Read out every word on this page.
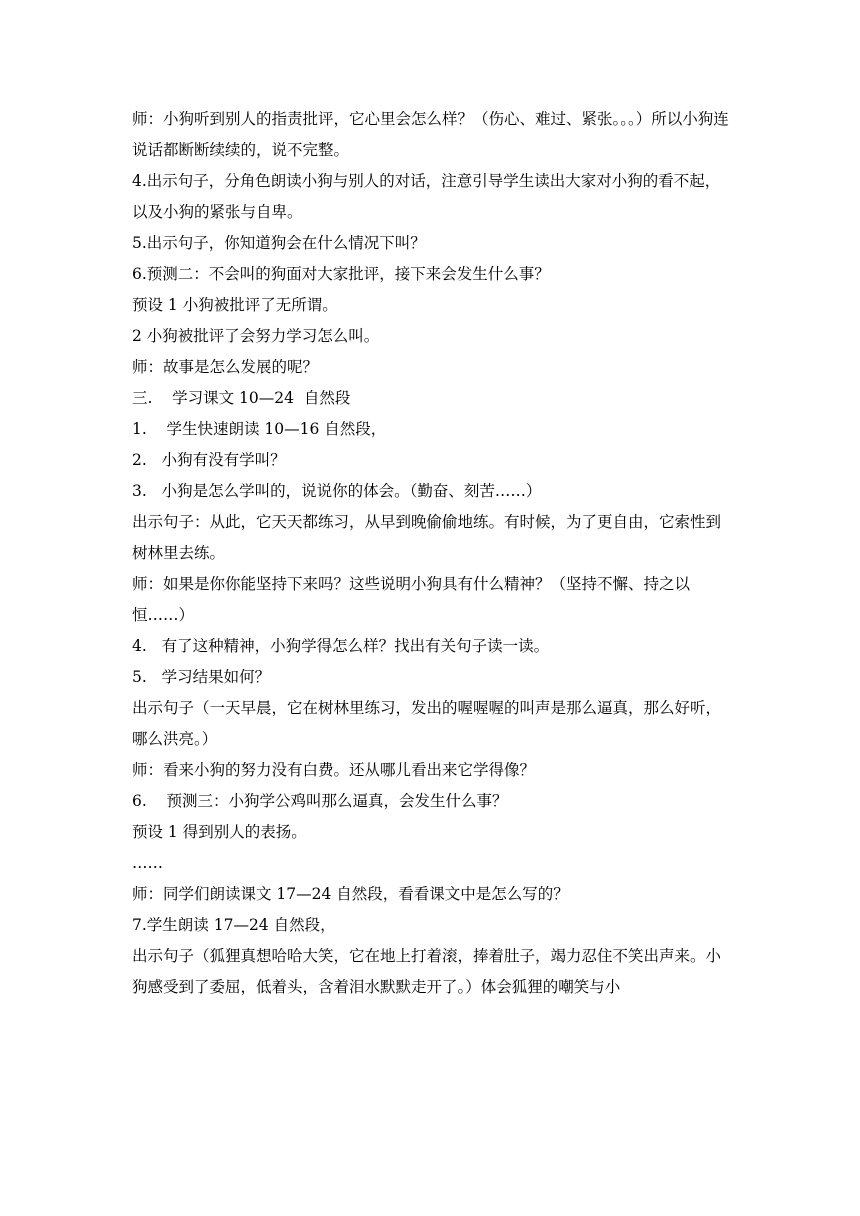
师：小狗听到别人的指责批评，它心里会怎么样？（伤心、难过、紧张。。。）所以小狗连说话都断断续续的，说不完整。

4.出示句子，分角色朗读小狗与别人的对话，注意引导学生读出大家对小狗的看不起，以及小狗的紧张与自卑。

5.出示句子，你知道狗会在什么情况下叫？

6.预测二：不会叫的狗面对大家批评，接下来会发生什么事？

预设 1 小狗被批评了无所谓。

2 小狗被批评了会努力学习怎么叫。

师：故事是怎么发展的呢？

三.    学习课文 10—24  自然段

1.    学生快速朗读 10—16 自然段，

2.   小狗有没有学叫？

3.   小狗是怎么学叫的，说说你的体会。（勤奋、刻苦……）

出示句子：从此，它天天都练习，从早到晚偷偷地练。有时候，为了更自由，它索性到树林里去练。

师：如果是你你能坚持下来吗？这些说明小狗具有什么精神？（坚持不懈、持之以恒……）

4.   有了这种精神，小狗学得怎么样？找出有关句子读一读。

5.   学习结果如何？

出示句子（一天早晨，它在树林里练习，发出的喔喔喔的叫声是那么逼真，那么好听，哪么洪亮。）

师：看来小狗的努力没有白费。还从哪儿看出来它学得像？

6.    预测三：小狗学公鸡叫那么逼真，会发生什么事？

预设 1 得到别人的表扬。

……

师：同学们朗读课文 17—24 自然段，看看课文中是怎么写的？

7.学生朗读 17—24 自然段，

出示句子（狐狸真想哈哈大笑，它在地上打着滚，捧着肚子，竭力忍住不笑出声来。小狗感受到了委屈，低着头，含着泪水默默走开了。）体会狐狸的嘲笑与小
